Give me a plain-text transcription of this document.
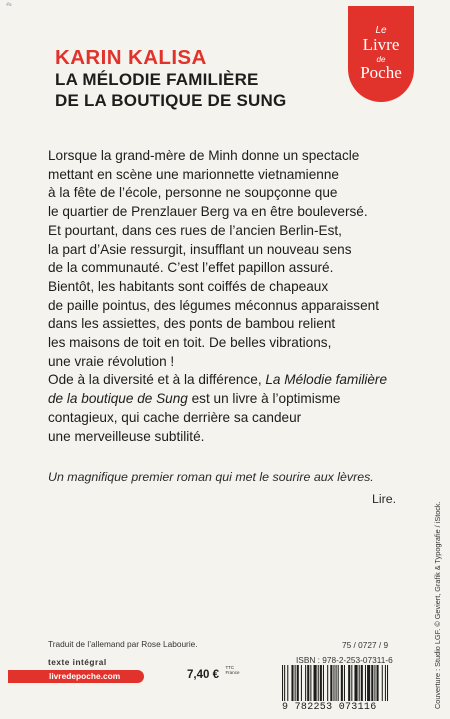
4a
KARIN KALISA
LA MÉLODIE FAMILIÈRE
DE LA BOUTIQUE DE SUNG
Le
Livre
de
Poche
Lorsque la grand-mère de Minh donne un spectacle
mettant en scène une marionnette vietnamienne
à la fête de l’école, personne ne soupçonne que
le quartier de Prenzlauer Berg va en être bouleversé.
Et pourtant, dans ces rues de l’ancien Berlin-Est,
la part d’Asie ressurgit, insufflant un nouveau sens
de la communauté. C’est l’effet papillon assuré.
Bientôt, les habitants sont coiffés de chapeaux
de paille pointus, des légumes méconnus apparaissent
dans les assiettes, des ponts de bambou relient
les maisons de toit en toit. De belles vibrations,
une vraie révolution !
Ode à la diversité et à la différence, La Mélodie familière
de la boutique de Sung est un livre à l’optimisme
contagieux, qui cache derrière sa candeur
une merveilleuse subtilité.
Un magnifique premier roman qui met le sourire aux lèvres.
Lire.
Traduit de l’allemand par Rose Labourie.
texte intégral
livredepoche.com	7,40 € TTC
France
75 / 0727 / 9
ISBN : 978-2-253-07311-6
9 782253 073116	Couverture : Studio LGF. © Geviert, Grafik & Typografie / iStock.
